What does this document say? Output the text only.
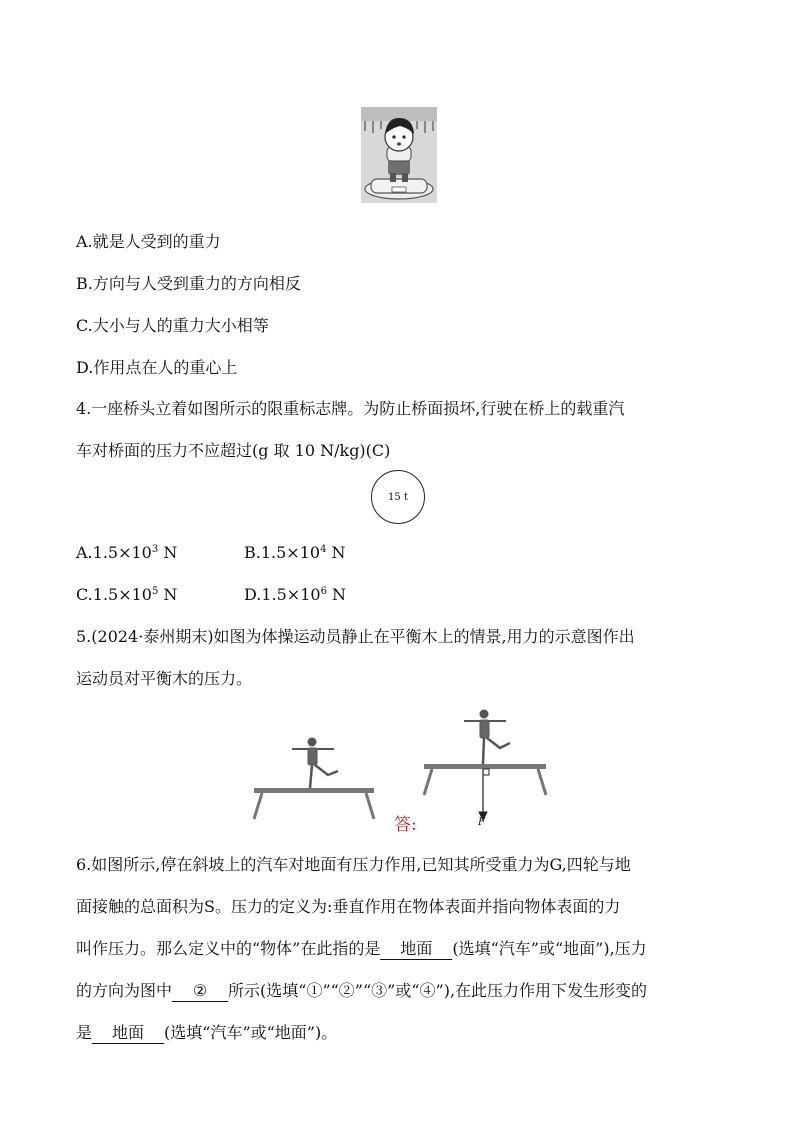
A.就是人受到的重力
B.方向与人受到重力的方向相反
C.大小与人的重力大小相等
D.作用点在人的重心上
4.一座桥头立着如图所示的限重标志牌。为防止桥面损坏,行驶在桥上的载重汽
车对桥面的压力不应超过(g 取 10 N/kg)(C)
15 t
$A.1.5\times 10^3$ N	$B.1.5\times 10^4$ N
$C.1.5\times 10^5$ N	$D.1.5\times 10^6$ N
5.(2024·泰州期末)如图为体操运动员静止在平衡木上的情景,用力的示意图作出
运动员对平衡木的压力。
答:	F
6.如图所示,停在斜坡上的汽车对地面有压力作用,已知其所受重力为G,四轮与地
面接触的总面积为S。压力的定义为:垂直作用在物体表面并指向物体表面的力
叫作压力。那么定义中的“物体”在此指的是 地面 (选填“汽车”或“地面”),压力
的方向为图中 ② 所示(选填“①”“②”“③”或“④”),在此压力作用下发生形变的
是 地面 (选填“汽车”或“地面”)。
